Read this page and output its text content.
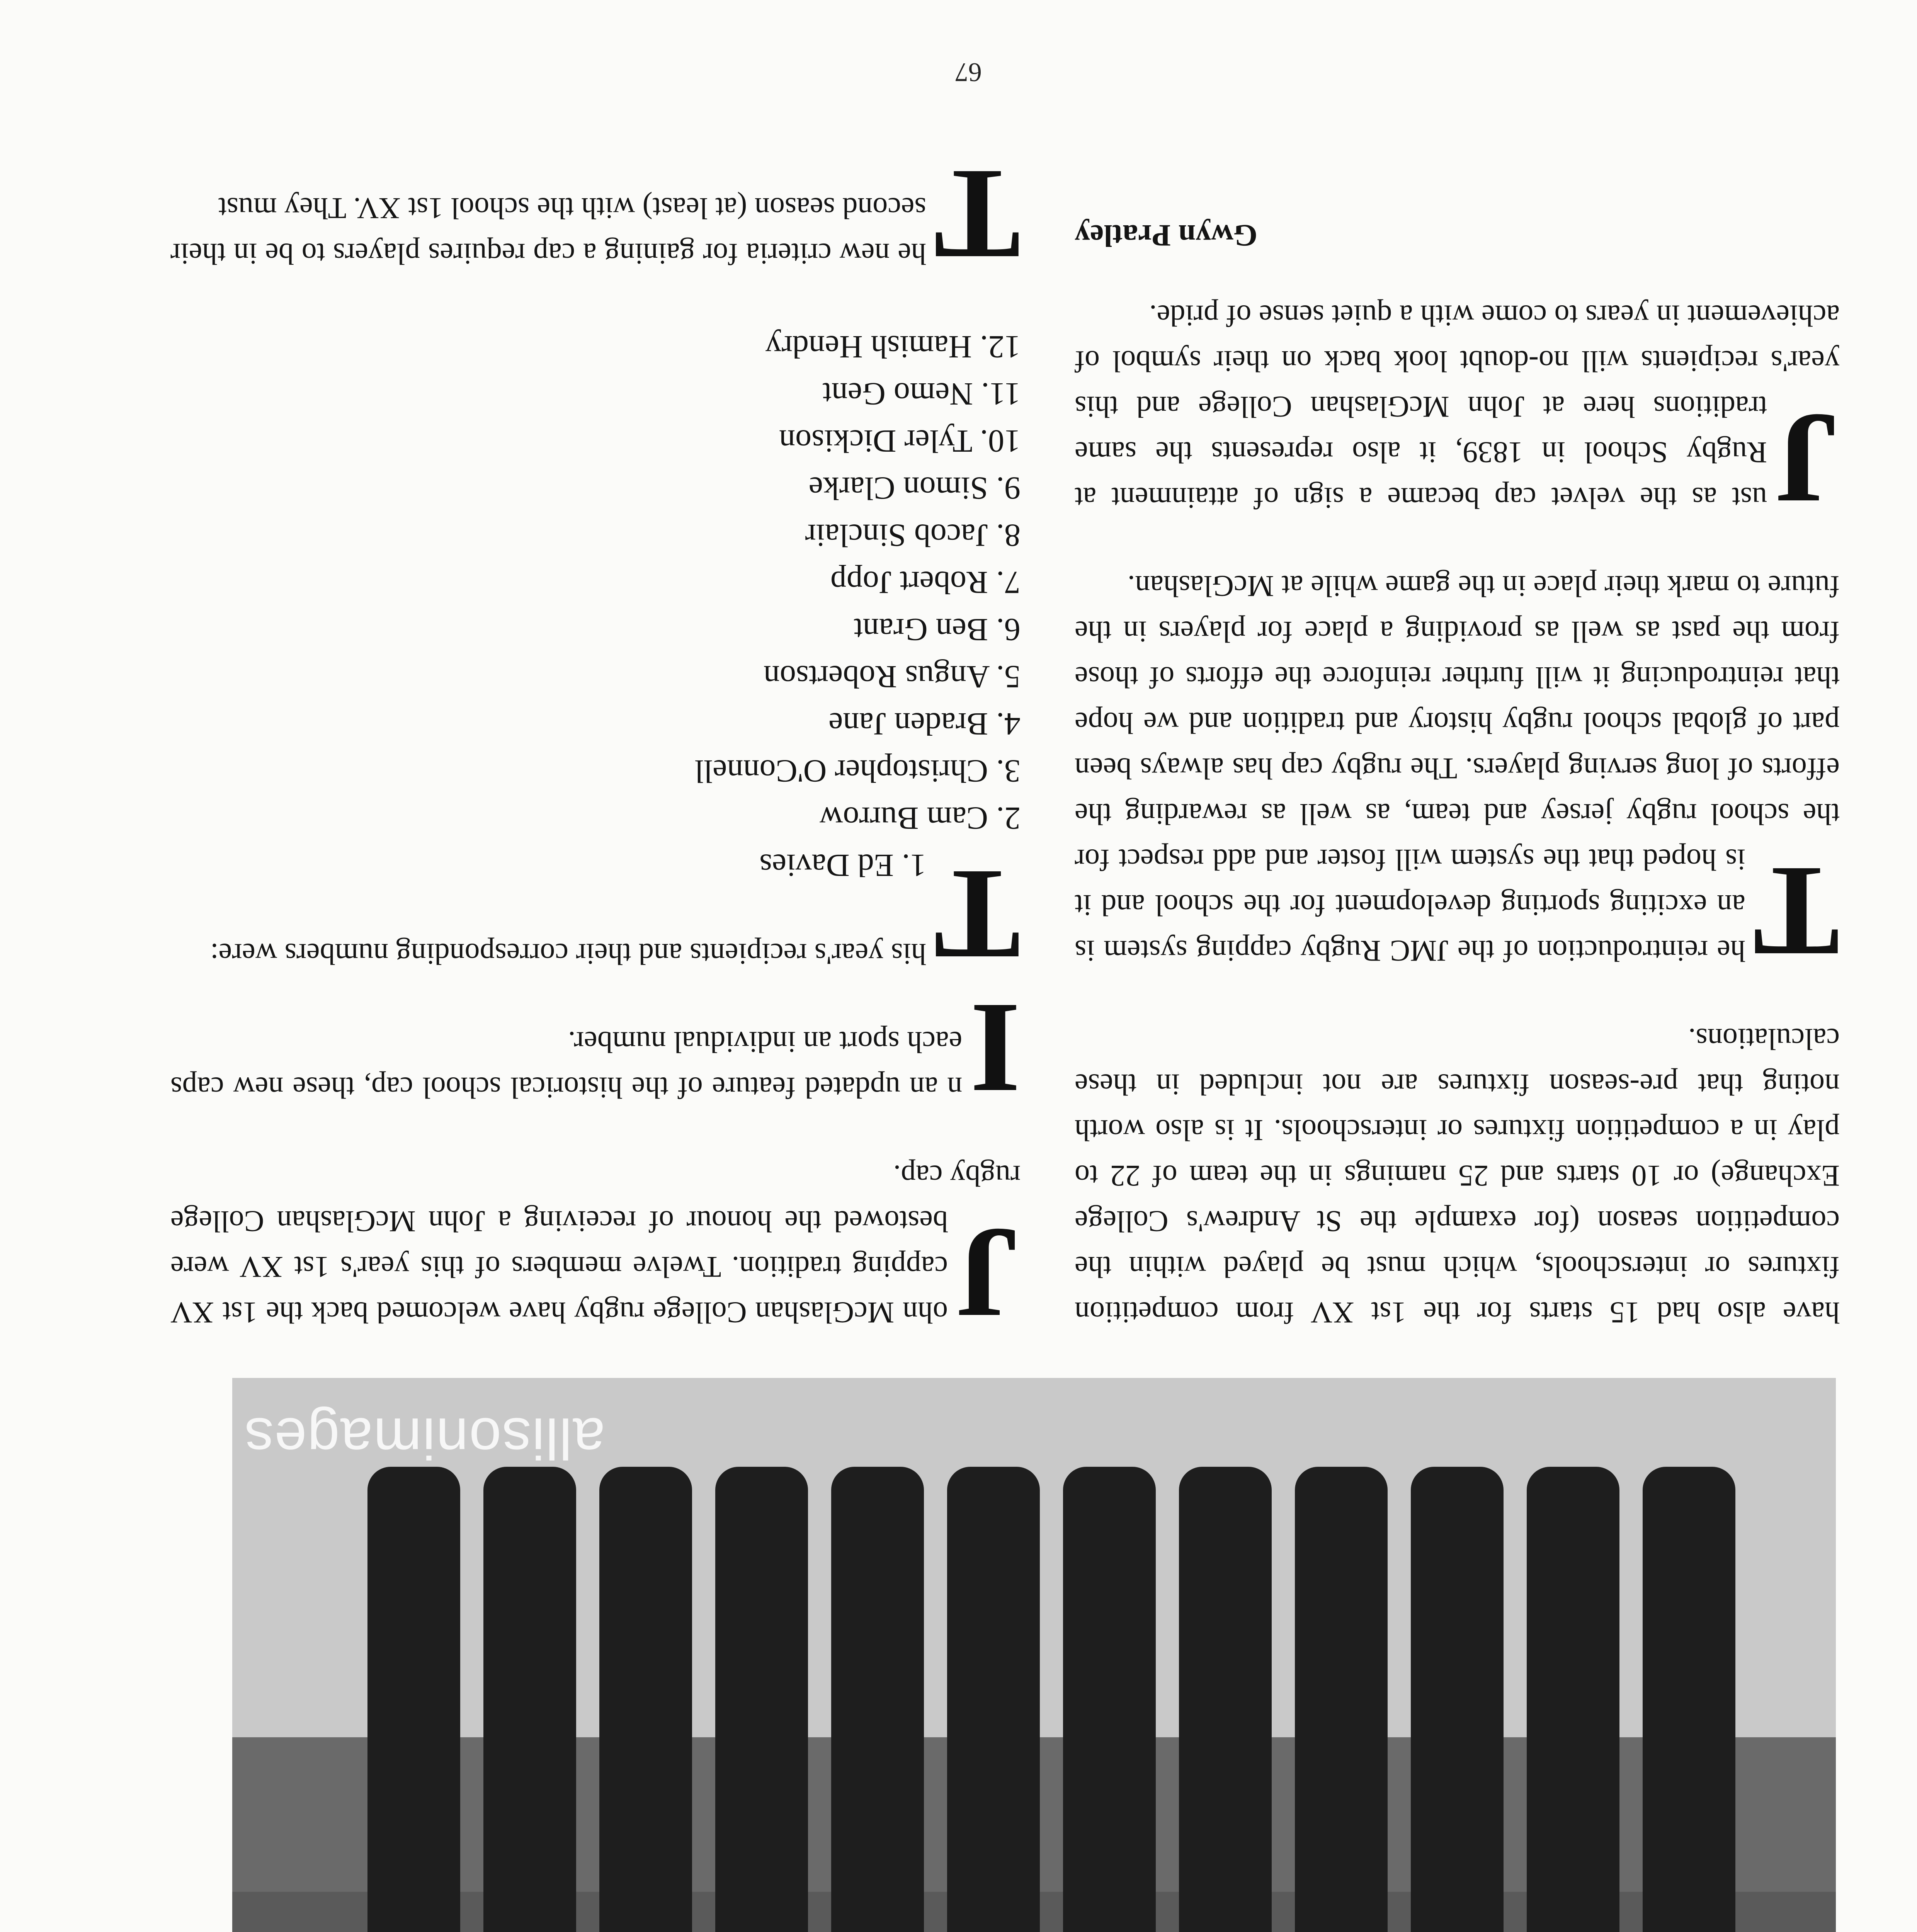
allisonimages

J
ohn McGlashan College rugby have welcomed back the 1st XV capping tradition. Twelve members of this year's 1st XV were bestowed the honour of receiving a John McGlashan College rugby cap.

I
n an updated feature of the historical school cap, these new caps each sport an individual number.

T
his year's recipients and their corresponding numbers were:

1. Ed Davies
2. Cam Burrow
3. Christopher O'Connell
4. Braden Jane
5. Angus Robertson
6. Ben Grant
7. Robert Jopp
8. Jacob Sinclair
9. Simon Clarke
10. Tyler Dickison
11. Nemo Gent
12. Hamish Hendry

T
he new criteria for gaining a cap requires players to be in their second season (at least) with the school 1st XV. They must

have also had 15 starts for the 1st XV from competition fixtures or interschools, which must be played within the competition season (for example the St Andrew's College Exchange) or 10 starts and 25 namings in the team of 22 to play in a competition fixtures or interschools. It is also worth noting that pre-season fixtures are not included in these calculations.

T
he reintroduction of the JMC Rugby capping system is an exciting sporting development for the school and it is hoped that the system will foster and add respect for the school rugby jersey and team, as well as rewarding the efforts of long serving players. The rugby cap has always been part of global school rugby history and tradition and we hope that reintroducing it will further reinforce the efforts of those from the past as well as providing a place for players in the future to mark their place in the game while at McGlashan.

J
ust as the velvet cap became a sign of attainment at Rugby School in 1839, it also represents the same traditions here at John McGlashan College and this year's recipients will no-doubt look back on their symbol of achievement in years to come with a quiet sense of pride.

Gwyn Pratley
67
